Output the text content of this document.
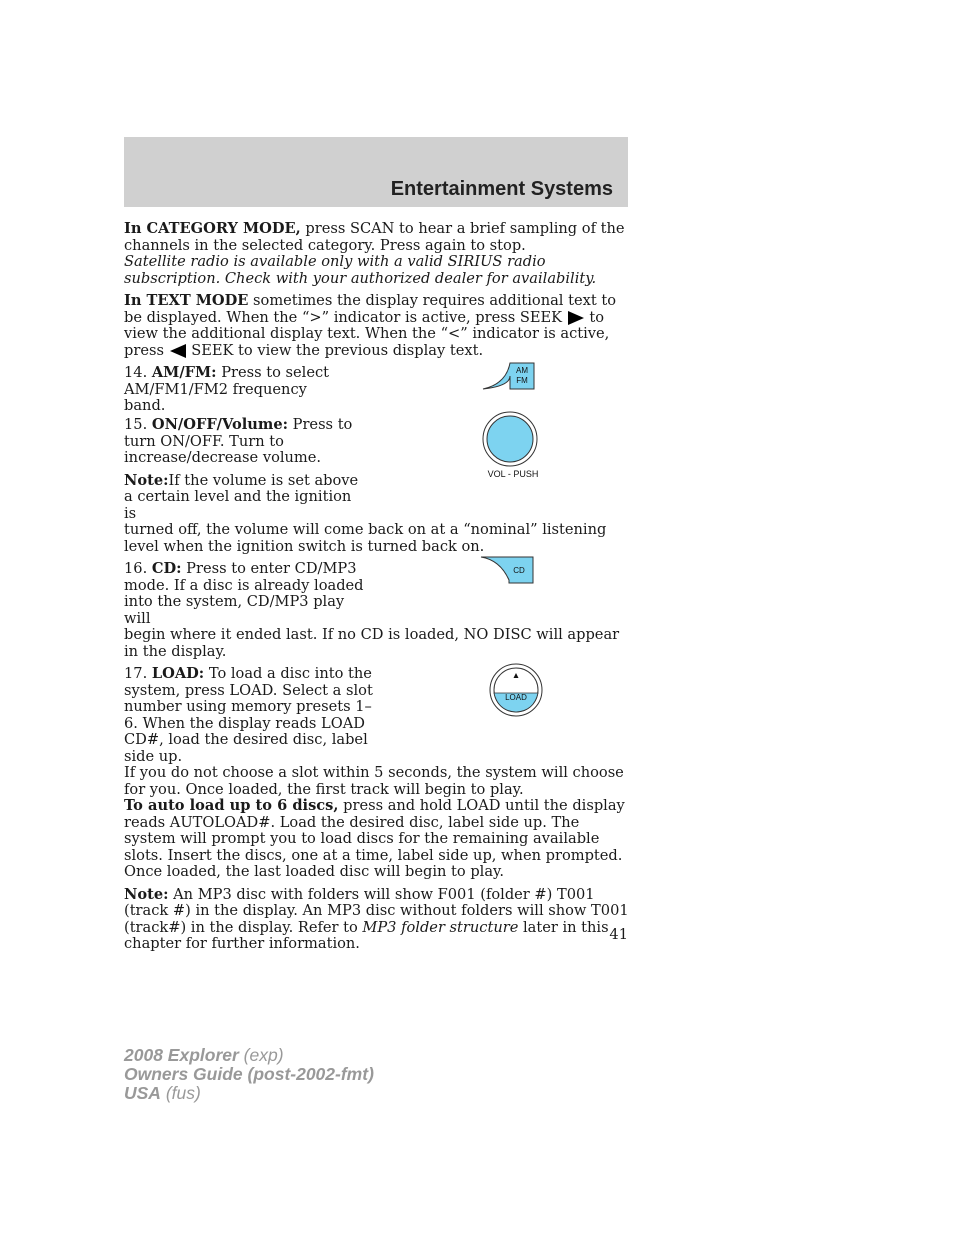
Entertainment Systems

In CATEGORY MODE, press SCAN to hear a brief sampling of the channels in the selected category. Press again to stop.

Satellite radio is available only with a valid SIRIUS radio subscription. Check with your authorized dealer for availability.

In TEXT MODE sometimes the display requires additional text to be displayed. When the “>” indicator is active, press SEEK  to view the additional display text. When the “<” indicator is active, press  SEEK to view the previous display text.

14. AM/FM: Press to select AM/FM1/FM2 frequency band.

AM
FM

15. ON/OFF/Volume: Press to turn ON/OFF. Turn to increase/decrease volume.

Note:If the volume is set above a certain level and the ignition is

VOL - PUSH

turned off, the volume will come back on at a “nominal” listening level when the ignition switch is turned back on.

16. CD: Press to enter CD/MP3 mode. If a disc is already loaded into the system, CD/MP3 play will

CD

begin where it ended last. If no CD is loaded, NO DISC will appear in the display.

17. LOAD: To load a disc into the system, press LOAD. Select a slot number using memory presets 1–6. When the display reads LOAD CD#, load the desired disc, label side up.

LOAD

If you do not choose a slot within 5 seconds, the system will choose for you. Once loaded, the first track will begin to play.

To auto load up to 6 discs, press and hold LOAD until the display reads AUTOLOAD#. Load the desired disc, label side up. The system will prompt you to load discs for the remaining available slots. Insert the discs, one at a time, label side up, when prompted. Once loaded, the last loaded disc will begin to play.

Note: An MP3 disc with folders will show F001 (folder #) T001 (track #) in the display. An MP3 disc without folders will show T001 (track#) in the display. Refer to MP3 folder structure later in this chapter for further information.

41
2008 Explorer (exp)
Owners Guide (post-2002-fmt)
USA (fus)
